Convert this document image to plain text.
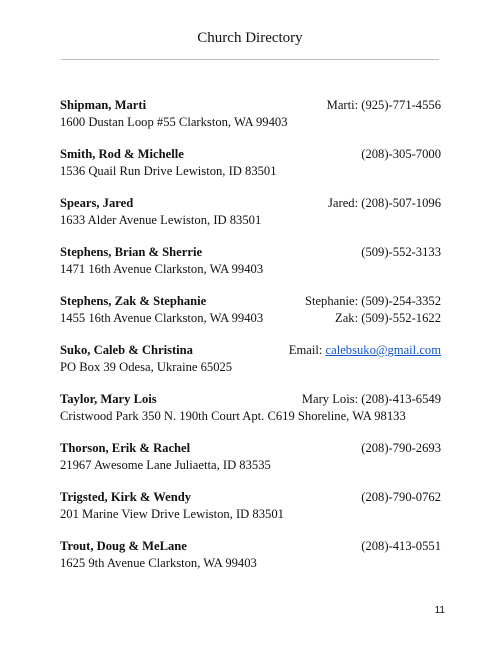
Church Directory
Shipman, Marti	Marti: (925)-771-4556
1600 Dustan Loop #55 Clarkston, WA 99403
Smith, Rod & Michelle	(208)-305-7000
1536 Quail Run Drive Lewiston, ID 83501
Spears, Jared	Jared: (208)-507-1096
1633 Alder Avenue Lewiston, ID 83501
Stephens, Brian & Sherrie	(509)-552-3133
1471 16th Avenue Clarkston, WA 99403
Stephens, Zak & Stephanie	Stephanie: (509)-254-3352
1455 16th Avenue Clarkston, WA 99403	Zak: (509)-552-1622
Suko, Caleb & Christina	Email: calebsuko@gmail.com
PO Box 39 Odesa, Ukraine 65025
Taylor, Mary Lois	Mary Lois: (208)-413-6549
Cristwood Park 350 N. 190th Court Apt. C619 Shoreline, WA 98133
Thorson, Erik & Rachel	(208)-790-2693
21967 Awesome Lane Juliaetta, ID 83535
Trigsted, Kirk & Wendy	(208)-790-0762
201 Marine View Drive Lewiston, ID 83501
Trout, Doug & MeLane	(208)-413-0551
1625 9th Avenue Clarkston, WA 99403
11
